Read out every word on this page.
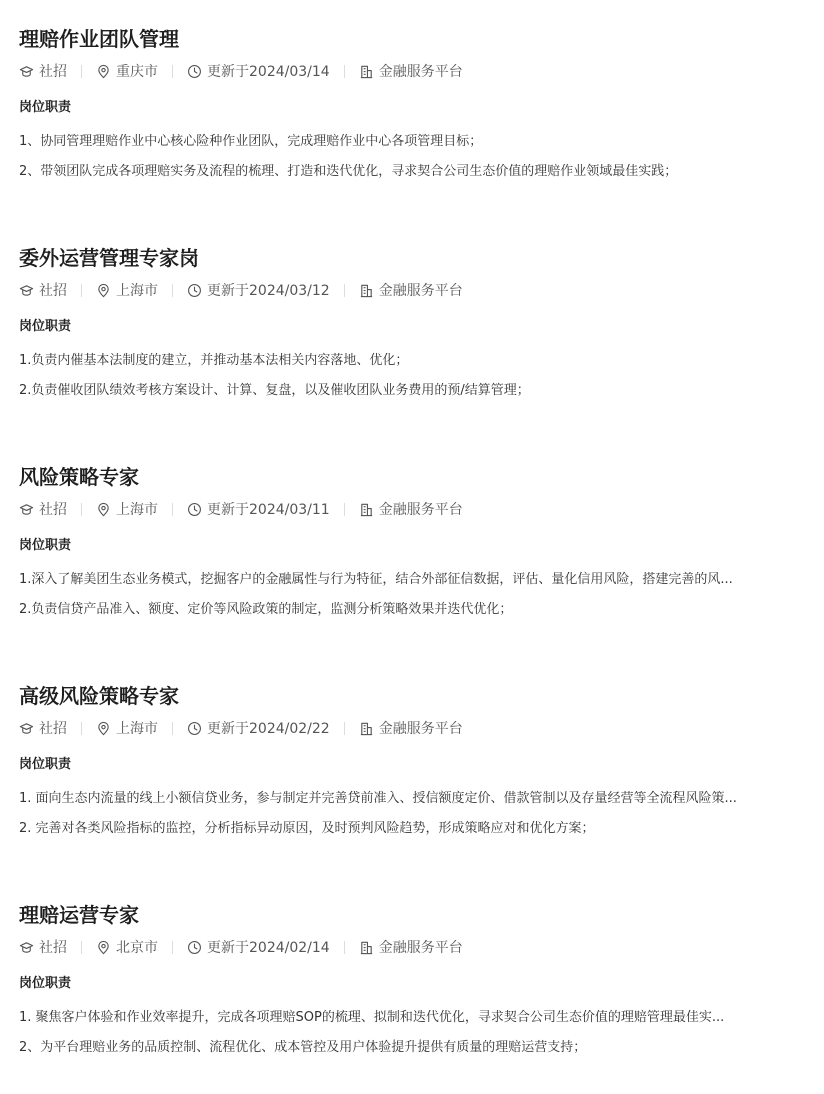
理赔作业团队管理
社招	重庆市	更新于2024/03/14	金融服务平台
岗位职责
1、协同管理理赔作业中心核心险种作业团队，完成理赔作业中心各项管理目标；
2、带领团队完成各项理赔实务及流程的梳理、打造和迭代优化，寻求契合公司生态价值的理赔作业领域最佳实践；
委外运营管理专家岗
社招	上海市	更新于2024/03/12	金融服务平台
岗位职责
1.负责内催基本法制度的建立，并推动基本法相关内容落地、优化；
2.负责催收团队绩效考核方案设计、计算、复盘，以及催收团队业务费用的预/结算管理；
风险策略专家
社招	上海市	更新于2024/03/11	金融服务平台
岗位职责
1.深入了解美团生态业务模式，挖掘客户的金融属性与行为特征，结合外部征信数据，评估、量化信用风险，搭建完善的风...
2.负责信贷产品准入、额度、定价等风险政策的制定，监测分析策略效果并迭代优化；
高级风险策略专家
社招	上海市	更新于2024/02/22	金融服务平台
岗位职责
1. 面向生态内流量的线上小额信贷业务，参与制定并完善贷前准入、授信额度定价、借款管制以及存量经营等全流程风险策...
2. 完善对各类风险指标的监控，分析指标异动原因，及时预判风险趋势，形成策略应对和优化方案；
理赔运营专家
社招	北京市	更新于2024/02/14	金融服务平台
岗位职责
1. 聚焦客户体验和作业效率提升，完成各项理赔SOP的梳理、拟制和迭代优化，寻求契合公司生态价值的理赔管理最佳实...
2、为平台理赔业务的品质控制、流程优化、成本管控及用户体验提升提供有质量的理赔运营支持；
